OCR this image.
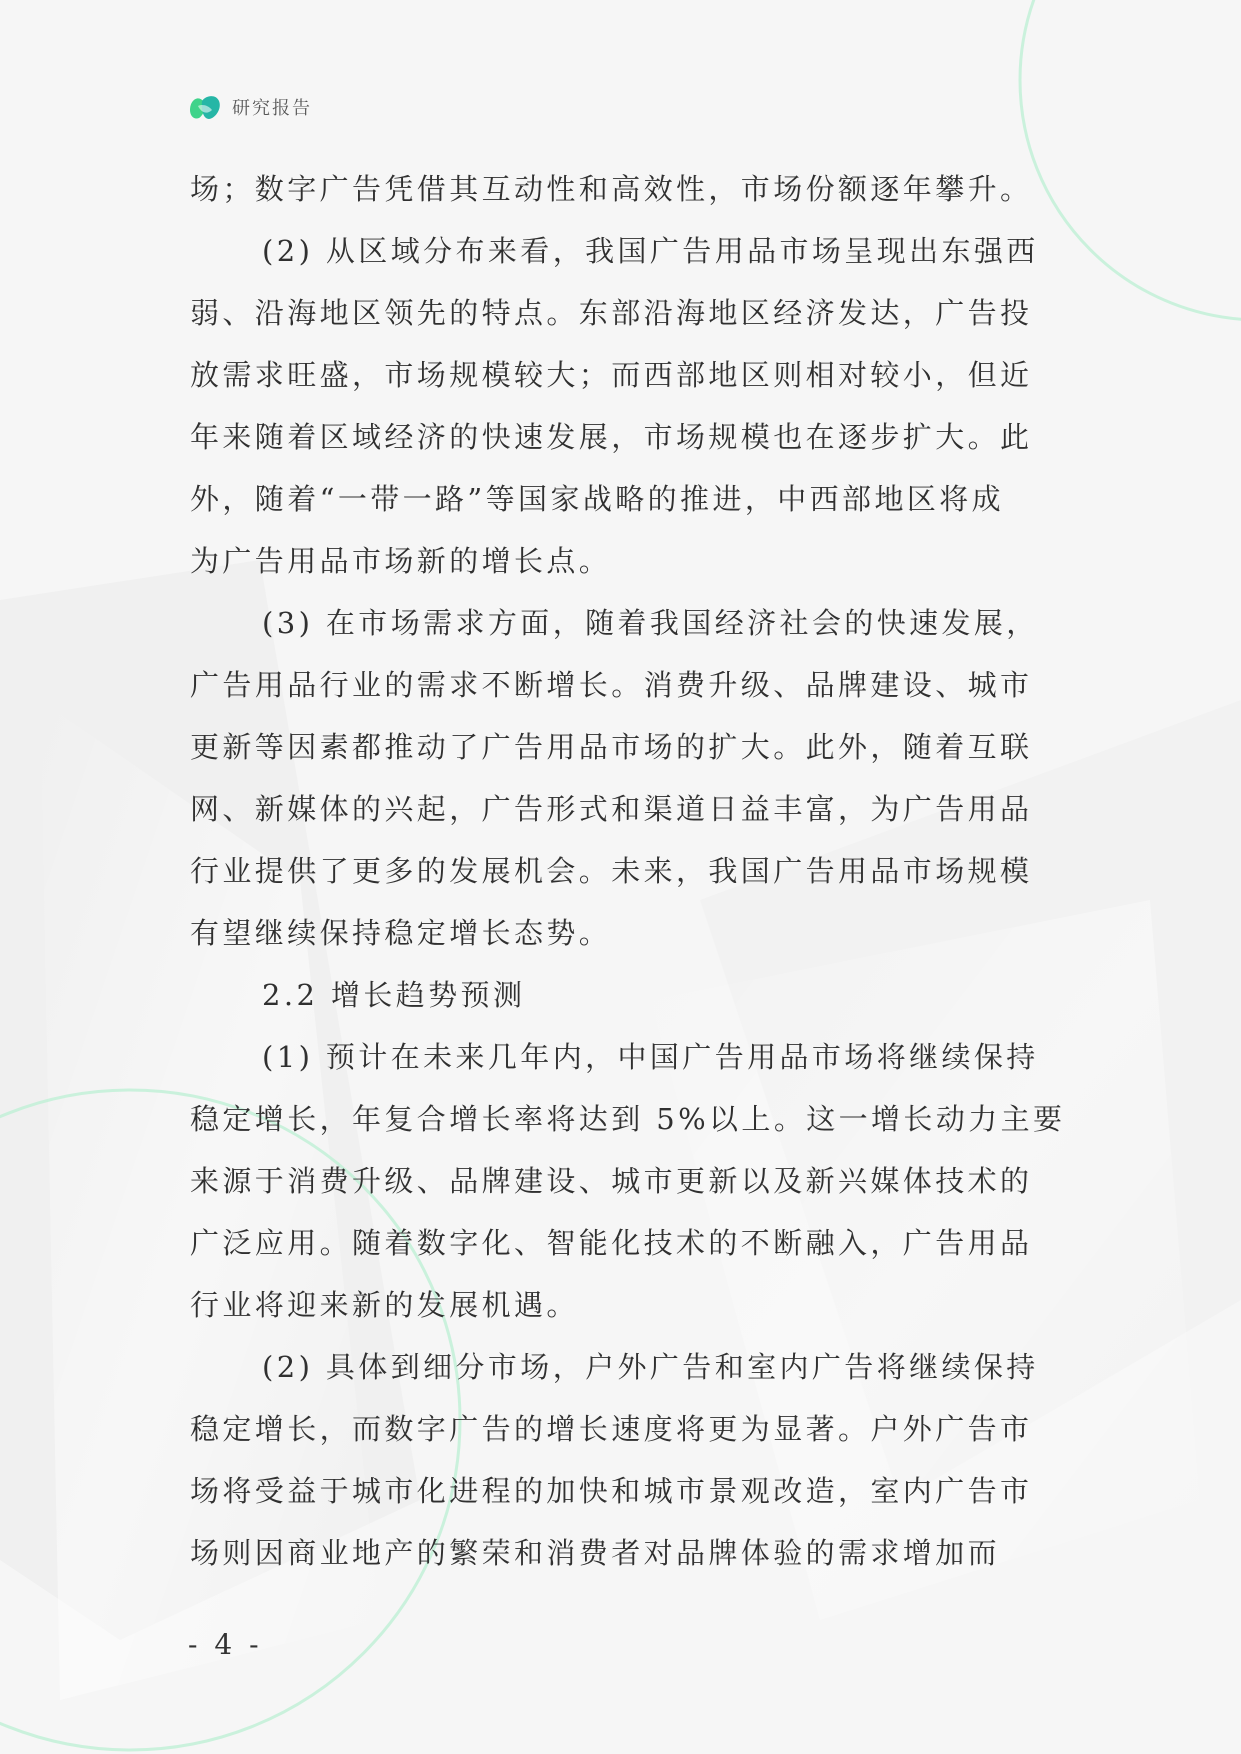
研究报告
场；数字广告凭借其互动性和高效性，市场份额逐年攀升。
(2) 从区域分布来看，我国广告用品市场呈现出东强西
弱、沿海地区领先的特点。东部沿海地区经济发达，广告投
放需求旺盛，市场规模较大；而西部地区则相对较小，但近
年来随着区域经济的快速发展，市场规模也在逐步扩大。此
外，随着“一带一路”等国家战略的推进，中西部地区将成
为广告用品市场新的增长点。
(3) 在市场需求方面，随着我国经济社会的快速发展，
广告用品行业的需求不断增长。消费升级、品牌建设、城市
更新等因素都推动了广告用品市场的扩大。此外，随着互联
网、新媒体的兴起，广告形式和渠道日益丰富，为广告用品
行业提供了更多的发展机会。未来，我国广告用品市场规模
有望继续保持稳定增长态势。
2.2 增长趋势预测
(1) 预计在未来几年内，中国广告用品市场将继续保持
稳定增长，年复合增长率将达到 5%以上。这一增长动力主要
来源于消费升级、品牌建设、城市更新以及新兴媒体技术的
广泛应用。随着数字化、智能化技术的不断融入，广告用品
行业将迎来新的发展机遇。
(2) 具体到细分市场，户外广告和室内广告将继续保持
稳定增长，而数字广告的增长速度将更为显著。户外广告市
场将受益于城市化进程的加快和城市景观改造，室内广告市
场则因商业地产的繁荣和消费者对品牌体验的需求增加而
- 4 -
